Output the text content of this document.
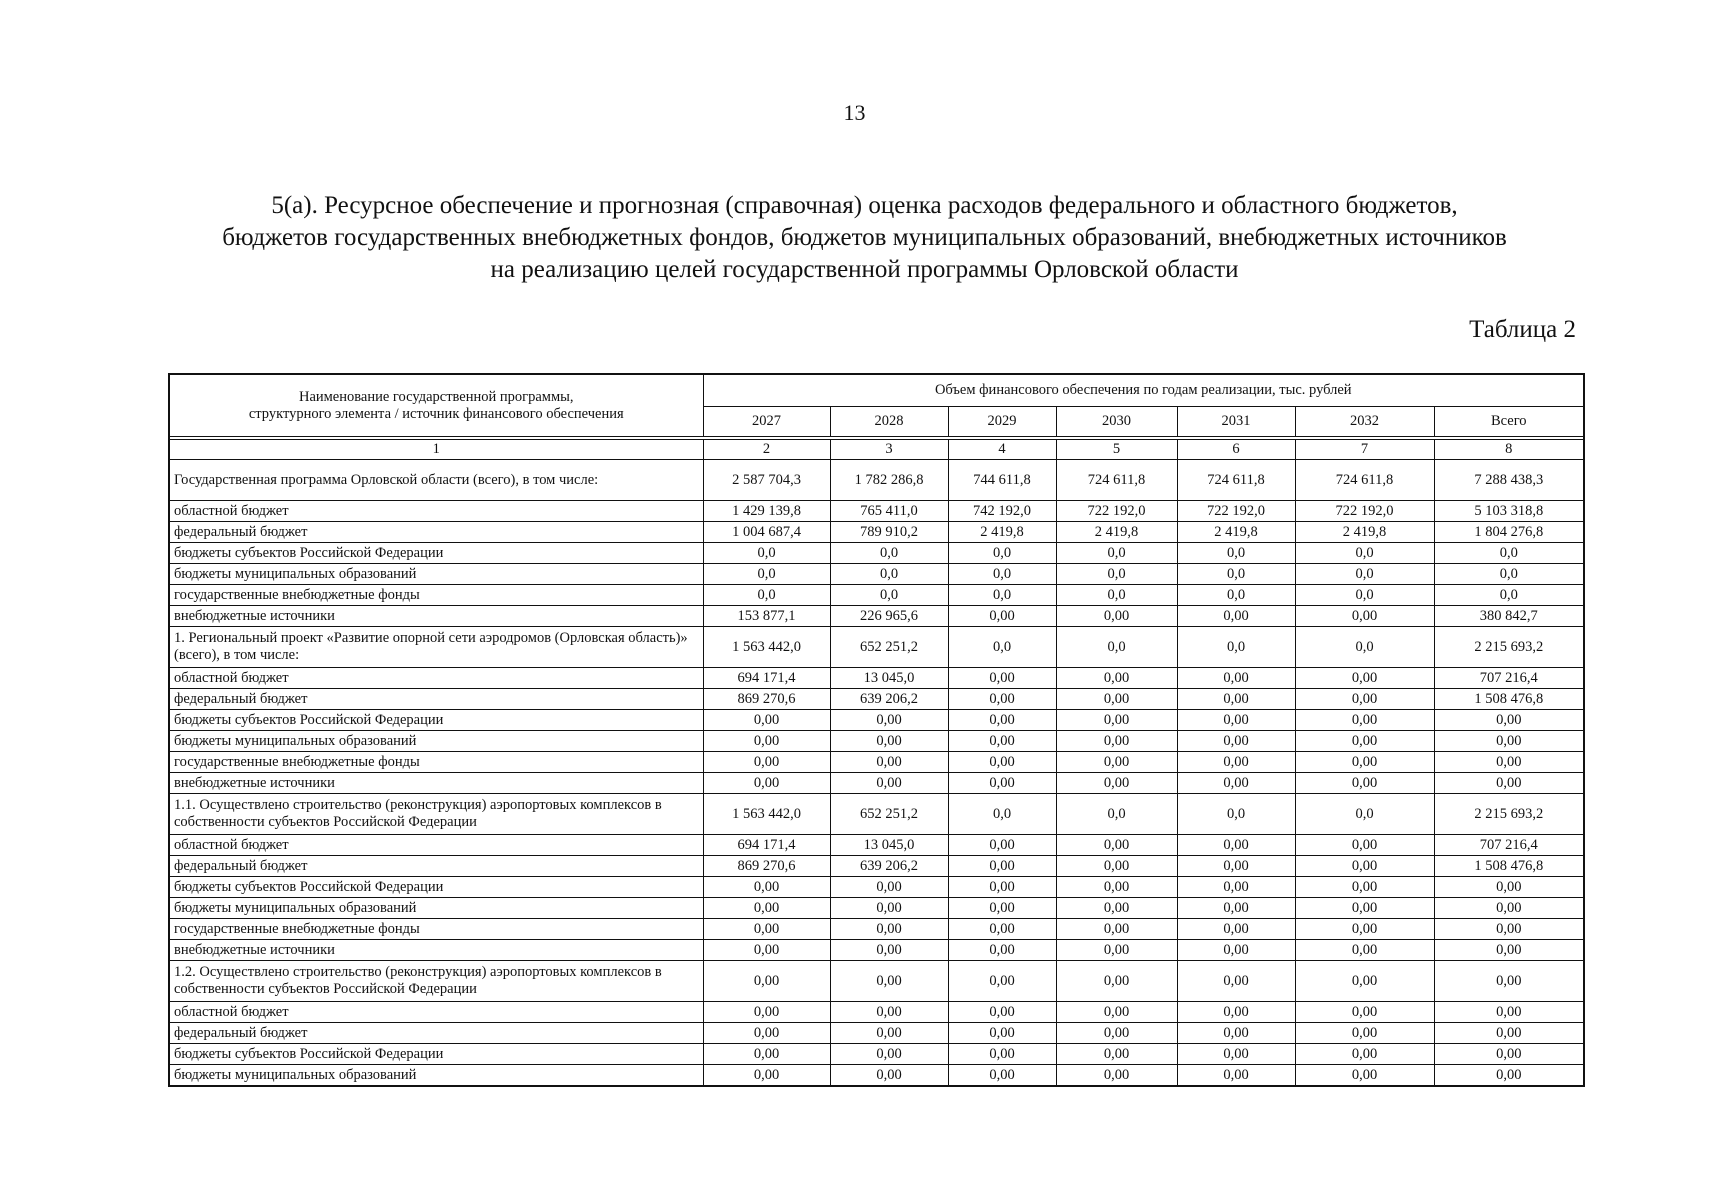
13
5(а). Ресурсное обеспечение и прогнозная (справочная) оценка расходов федерального и областного бюджетов,
бюджетов государственных внебюджетных фондов, бюджетов муниципальных образований, внебюджетных источников
на реализацию целей государственной программы Орловской области
Таблица 2
Наименование государственной программы,
структурного элемента / источник финансового обеспечения	Объем финансового обеспечения по годам реализации, тыс. рублей						
	2027	2028	2029	2030	2031	2032	Всего

1	2	3	4	5	6	7	8
Государственная программа Орловской области (всего), в том числе:	2 587 704,3	1 782 286,8	744 611,8	724 611,8	724 611,8	724 611,8	7 288 438,3
областной бюджет	1 429 139,8	765 411,0	742 192,0	722 192,0	722 192,0	722 192,0	5 103 318,8
федеральный бюджет	1 004 687,4	789 910,2	2 419,8	2 419,8	2 419,8	2 419,8	1 804 276,8
бюджеты субъектов Российской Федерации	0,0	0,0	0,0	0,0	0,0	0,0	0,0
бюджеты муниципальных образований	0,0	0,0	0,0	0,0	0,0	0,0	0,0
государственные внебюджетные фонды	0,0	0,0	0,0	0,0	0,0	0,0	0,0
внебюджетные источники	153 877,1	226 965,6	0,00	0,00	0,00	0,00	380 842,7
1. Региональный проект «Развитие опорной сети аэродромов (Орловская область)» (всего), в том числе:	1 563 442,0	652 251,2	0,0	0,0	0,0	0,0	2 215 693,2
областной бюджет	694 171,4	13 045,0	0,00	0,00	0,00	0,00	707 216,4
федеральный бюджет	869 270,6	639 206,2	0,00	0,00	0,00	0,00	1 508 476,8
бюджеты субъектов Российской Федерации	0,00	0,00	0,00	0,00	0,00	0,00	0,00
бюджеты муниципальных образований	0,00	0,00	0,00	0,00	0,00	0,00	0,00
государственные внебюджетные фонды	0,00	0,00	0,00	0,00	0,00	0,00	0,00
внебюджетные источники	0,00	0,00	0,00	0,00	0,00	0,00	0,00
1.1. Осуществлено строительство (реконструкция) аэропортовых комплексов в собственности субъектов Российской Федерации	1 563 442,0	652 251,2	0,0	0,0	0,0	0,0	2 215 693,2
областной бюджет	694 171,4	13 045,0	0,00	0,00	0,00	0,00	707 216,4
федеральный бюджет	869 270,6	639 206,2	0,00	0,00	0,00	0,00	1 508 476,8
бюджеты субъектов Российской Федерации	0,00	0,00	0,00	0,00	0,00	0,00	0,00
бюджеты муниципальных образований	0,00	0,00	0,00	0,00	0,00	0,00	0,00
государственные внебюджетные фонды	0,00	0,00	0,00	0,00	0,00	0,00	0,00
внебюджетные источники	0,00	0,00	0,00	0,00	0,00	0,00	0,00
1.2. Осуществлено строительство (реконструкция) аэропортовых комплексов в собственности субъектов Российской Федерации	0,00	0,00	0,00	0,00	0,00	0,00	0,00
областной бюджет	0,00	0,00	0,00	0,00	0,00	0,00	0,00
федеральный бюджет	0,00	0,00	0,00	0,00	0,00	0,00	0,00
бюджеты субъектов Российской Федерации	0,00	0,00	0,00	0,00	0,00	0,00	0,00
бюджеты муниципальных образований	0,00	0,00	0,00	0,00	0,00	0,00	0,00
